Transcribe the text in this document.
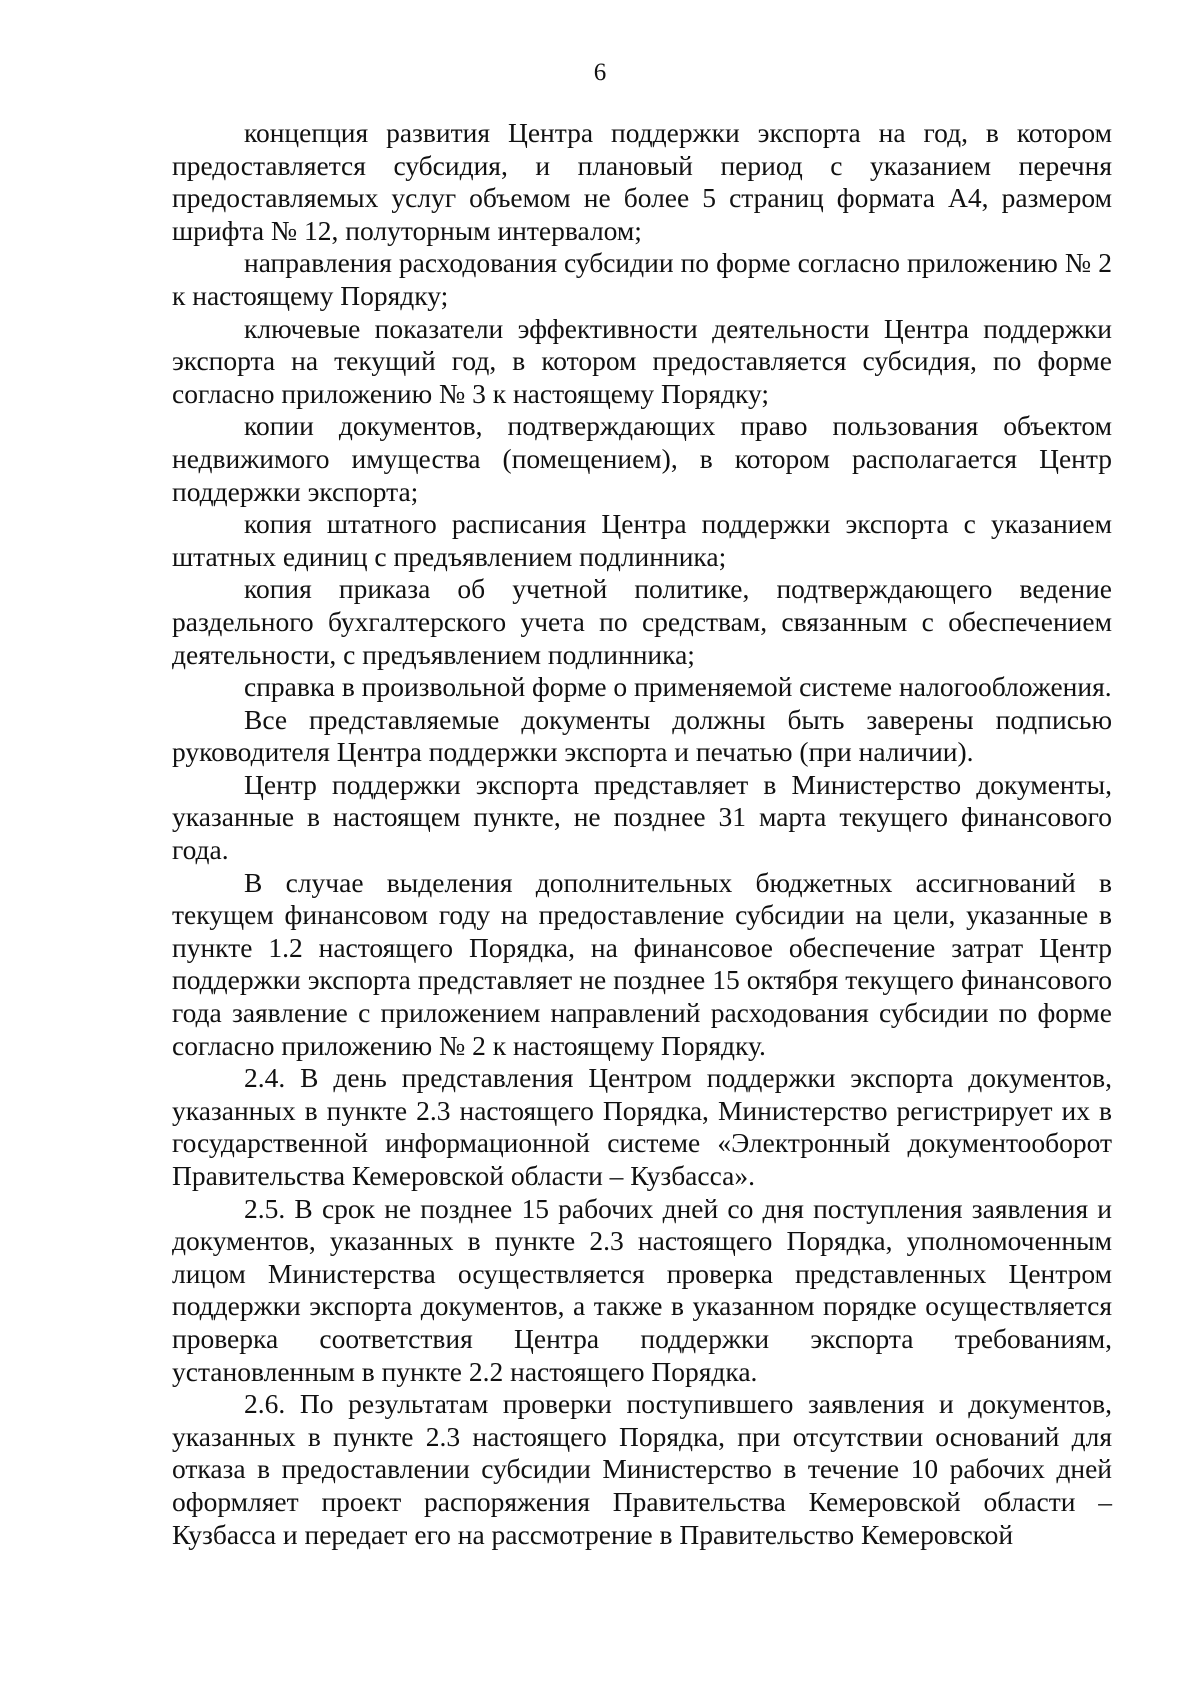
6

концепция развития Центра поддержки экспорта на год, в котором предоставляется субсидия, и плановый период с указанием перечня предоставляемых услуг объемом не более 5 страниц формата А4, размером шрифта № 12, полуторным интервалом;

направления расходования субсидии по форме согласно приложению № 2 к настоящему Порядку;

ключевые показатели эффективности деятельности Центра поддержки экспорта на текущий год, в котором предоставляется субсидия, по форме согласно приложению № 3 к настоящему Порядку;

копии документов, подтверждающих право пользования объектом недвижимого имущества (помещением), в котором располагается Центр поддержки экспорта;

копия штатного расписания Центра поддержки экспорта с указанием штатных единиц с предъявлением подлинника;

копия приказа об учетной политике, подтверждающего ведение раздельного бухгалтерского учета по средствам, связанным с обеспечением деятельности, с предъявлением подлинника;

справка в произвольной форме о применяемой системе налогообложения.

Все представляемые документы должны быть заверены подписью руководителя Центра поддержки экспорта и печатью (при наличии).

Центр поддержки экспорта представляет в Министерство документы, указанные в настоящем пункте, не позднее 31 марта текущего финансового года.

В случае выделения дополнительных бюджетных ассигнований в текущем финансовом году на предоставление субсидии на цели, указанные в пункте 1.2 настоящего Порядка, на финансовое обеспечение затрат Центр поддержки экспорта представляет не позднее 15 октября текущего финансового года заявление с приложением направлений расходования субсидии по форме согласно приложению № 2 к настоящему Порядку.

2.4. В день представления Центром поддержки экспорта документов, указанных в пункте 2.3 настоящего Порядка, Министерство регистрирует их в государственной информационной системе «Электронный документооборот Правительства Кемеровской области – Кузбасса».

2.5. В срок не позднее 15 рабочих дней со дня поступления заявления и документов, указанных в пункте 2.3 настоящего Порядка, уполномоченным лицом Министерства осуществляется проверка представленных Центром поддержки экспорта документов, а также в указанном порядке осуществляется проверка соответствия Центра поддержки экспорта требованиям, установленным в пункте 2.2 настоящего Порядка.

2.6. По результатам проверки поступившего заявления и документов, указанных в пункте 2.3 настоящего Порядка, при отсутствии оснований для отказа в предоставлении субсидии Министерство в течение 10 рабочих дней оформляет проект распоряжения Правительства Кемеровской области – Кузбасса и передает его на рассмотрение в Правительство Кемеровской
